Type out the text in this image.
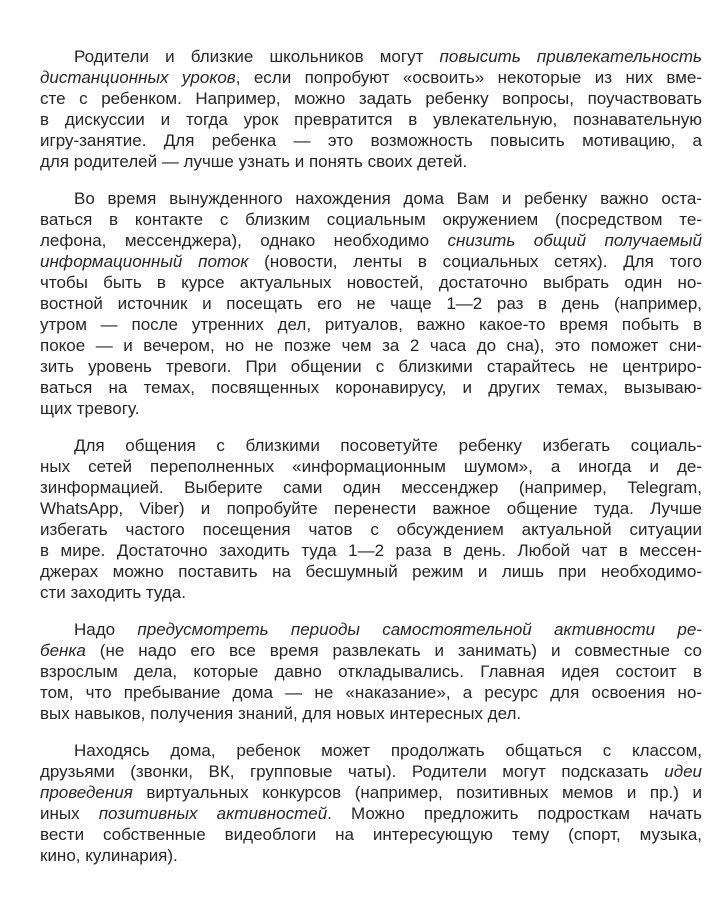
Родители и близкие школьников могут повысить привлекательность
дистанционных уроков, если попробуют «освоить» некоторые из них вме-
сте с ребенком. Например, можно задать ребенку вопросы, поучаствовать
в дискуссии и тогда урок превратится в увлекательную, познавательную
игру-занятие. Для ребенка — это возможность повысить мотивацию, а
для родителей — лучше узнать и понять своих детей.

Во время вынужденного нахождения дома Вам и ребенку важно оста-
ваться в контакте с близким социальным окружением (посредством те-
лефона, мессенджера), однако необходимо снизить общий получаемый
информационный поток (новости, ленты в социальных сетях). Для того
чтобы быть в курсе актуальных новостей, достаточно выбрать один но-
востной источник и посещать его не чаще 1—2 раз в день (например,
утром — после утренних дел, ритуалов, важно какое-то время побыть в
покое — и вечером, но не позже чем за 2 часа до сна), это поможет сни-
зить уровень тревоги. При общении с близкими старайтесь не центриро-
ваться на темах, посвященных коронавирусу, и других темах, вызываю-
щих тревогу.

Для общения с близкими посоветуйте ребенку избегать социаль-
ных сетей переполненных «информационным шумом», а иногда и де-
зинформацией. Выберите сами один мессенджер (например, Telegram,
WhatsApp, Viber) и попробуйте перенести важное общение туда. Лучше
избегать частого посещения чатов с обсуждением актуальной ситуации
в мире. Достаточно заходить туда 1—2 раза в день. Любой чат в мессен-
джерах можно поставить на бесшумный режим и лишь при необходимо-
сти заходить туда.

Надо предусмотреть периоды самостоятельной активности ре-
бенка (не надо его все время развлекать и занимать) и совместные со
взрослым дела, которые давно откладывались. Главная идея состоит в
том, что пребывание дома — не «наказание», а ресурс для освоения но-
вых навыков, получения знаний, для новых интересных дел.

Находясь дома, ребенок может продолжать общаться с классом,
друзьями (звонки, ВК, групповые чаты). Родители могут подсказать идеи
проведения виртуальных конкурсов (например, позитивных мемов и пр.) и
иных позитивных активностей. Можно предложить подросткам начать
вести собственные видеоблоги на интересующую тему (спорт, музыка,
кино, кулинария).
